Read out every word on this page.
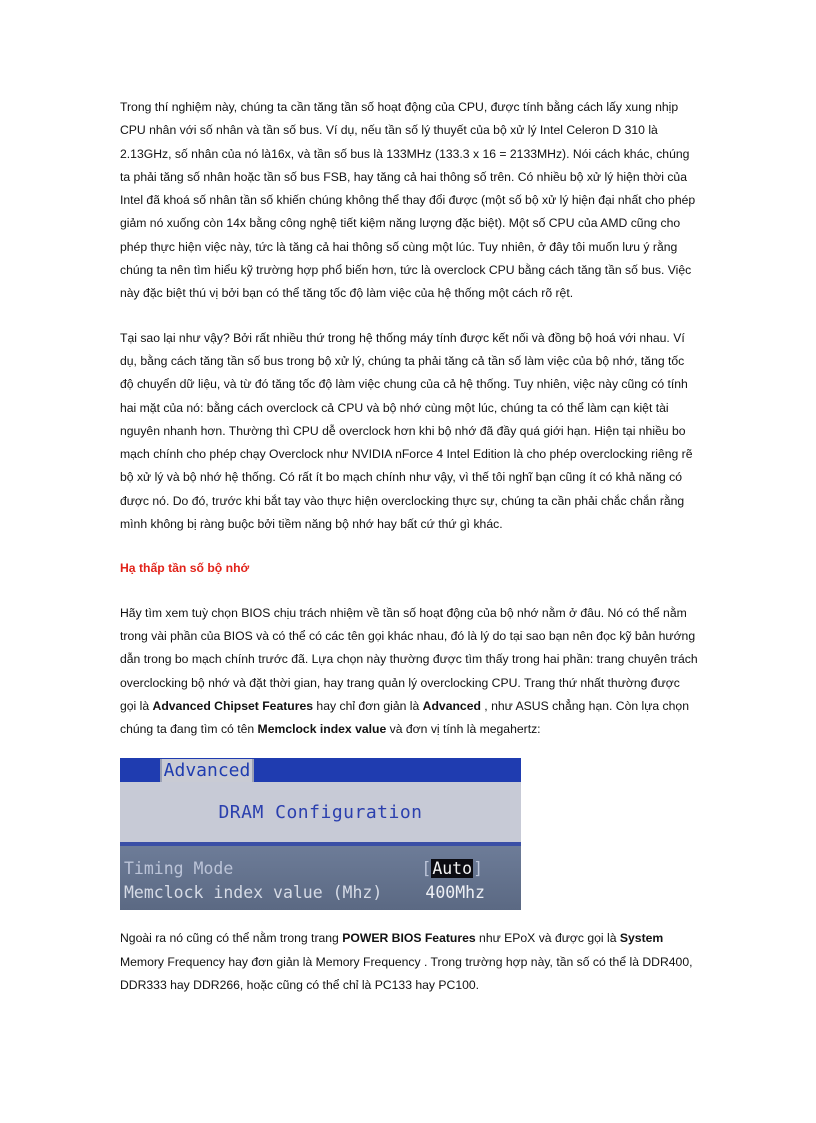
Trong thí nghiệm này, chúng ta cần tăng tần số hoạt động của CPU, được tính bằng cách lấy xung nhịp CPU nhân với số nhân và tần số bus. Ví dụ, nếu tần số lý thuyết của bộ xử lý Intel Celeron D 310 là 2.13GHz, số nhân của nó là16x, và tần số bus là 133MHz (133.3 x 16 = 2133MHz). Nói cách khác, chúng ta phải tăng số nhân hoặc tần số bus FSB, hay tăng cả hai thông số trên. Có nhiều bộ xử lý hiện thời của Intel đã khoá số nhân tần số khiến chúng không thể thay đổi được (một số bộ xử lý hiện đại nhất cho phép giảm nó xuống còn 14x bằng công nghệ tiết kiệm năng lượng đặc biệt). Một số CPU của AMD cũng cho phép thực hiện việc này, tức là tăng cả hai thông số cùng một lúc. Tuy nhiên, ở đây tôi muốn lưu ý rằng chúng ta nên tìm hiểu kỹ trường hợp phổ biến hơn, tức là overclock CPU bằng cách tăng tần số bus. Việc này đặc biệt thú vị bởi bạn có thể tăng tốc độ làm việc của hệ thống một cách rõ rệt.

Tại sao lại như vậy? Bởi rất nhiều thứ trong hệ thống máy tính được kết nối và đồng bộ hoá với nhau. Ví dụ, bằng cách tăng tần số bus trong bộ xử lý, chúng ta phải tăng cả tần số làm việc của bộ nhớ, tăng tốc độ chuyển dữ liệu, và từ đó tăng tốc độ làm việc chung của cả hệ thống. Tuy nhiên, việc này cũng có tính hai mặt của nó: bằng cách overclock cả CPU và bộ nhớ cùng một lúc, chúng ta có thể làm cạn kiệt tài nguyên nhanh hơn. Thường thì CPU dễ overclock hơn khi bộ nhớ đã đầy quá giới hạn. Hiện tại nhiều bo mạch chính cho phép chạy Overclock như NVIDIA nForce 4 Intel Edition là cho phép overclocking riêng rẽ bộ xử lý và bộ nhớ hệ thống. Có rất ít bo mạch chính như vậy, vì thế tôi nghĩ bạn cũng ít có khả năng có được nó. Do đó, trước khi bắt tay vào thực hiện overclocking thực sự, chúng ta cần phải chắc chắn rằng mình không bị ràng buộc bởi tiềm năng bộ nhớ hay bất cứ thứ gì khác.

Hạ thấp tần số bộ nhớ

Hãy tìm xem tuỳ chọn BIOS chịu trách nhiệm về tần số hoạt động của bộ nhớ nằm ở đâu. Nó có thể nằm trong vài phần của BIOS và có thể có các tên gọi khác nhau, đó là lý do tại sao bạn nên đọc kỹ bản hướng dẫn trong bo mạch chính trước đã. Lựa chọn này thường được tìm thấy trong hai phần: trang chuyên trách overclocking bộ nhớ và đặt thời gian, hay trang quản lý overclocking CPU. Trang thứ nhất thường được gọi là Advanced Chipset Features hay chỉ đơn giản là Advanced , như ASUS chẳng hạn. Còn lựa chọn chúng ta đang tìm có tên Memclock index value và đơn vị tính là megahertz:

Advanced
DRAM Configuration
Timing Mode	[Auto]
Memclock index value (Mhz)	400Mhz

Ngoài ra nó cũng có thể nằm trong trang POWER BIOS Features như EPoX và được gọi là System Memory Frequency hay đơn giản là Memory Frequency . Trong trường hợp này, tần số có thể là DDR400, DDR333 hay DDR266, hoặc cũng có thể chỉ là PC133 hay PC100.
